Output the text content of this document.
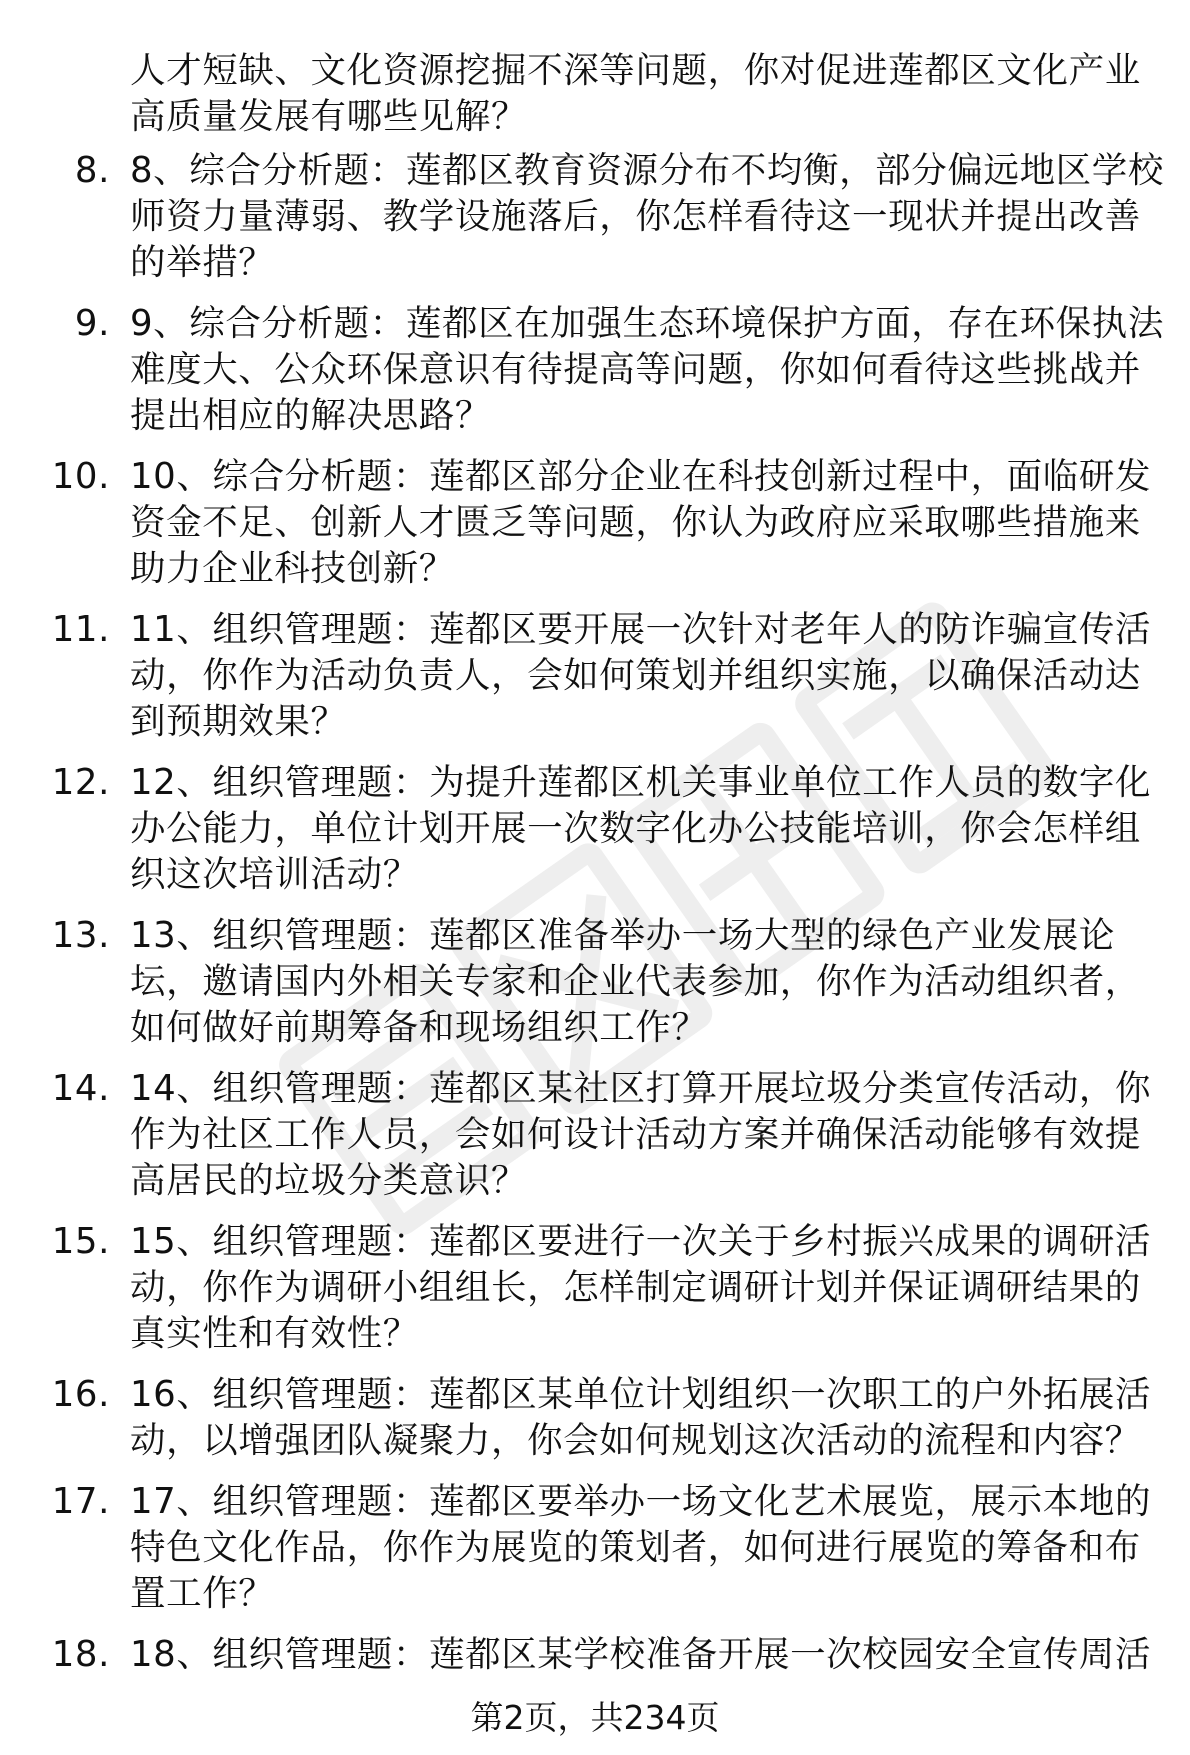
人才短缺、文化资源挖掘不深等问题，你对促进莲都区文化产业高质量发展有哪些见解？

8. 8、综合分析题：莲都区教育资源分布不均衡，部分偏远地区学校师资力量薄弱、教学设施落后，你怎样看待这一现状并提出改善的举措？
9. 9、综合分析题：莲都区在加强生态环境保护方面，存在环保执法难度大、公众环保意识有待提高等问题，你如何看待这些挑战并提出相应的解决思路？
10. 10、综合分析题：莲都区部分企业在科技创新过程中，面临研发资金不足、创新人才匮乏等问题，你认为政府应采取哪些措施来助力企业科技创新？
11. 11、组织管理题：莲都区要开展一次针对老年人的防诈骗宣传活动，你作为活动负责人，会如何策划并组织实施，以确保活动达到预期效果？
12. 12、组织管理题：为提升莲都区机关事业单位工作人员的数字化办公能力，单位计划开展一次数字化办公技能培训，你会怎样组织这次培训活动？
13. 13、组织管理题：莲都区准备举办一场大型的绿色产业发展论坛，邀请国内外相关专家和企业代表参加，你作为活动组织者，如何做好前期筹备和现场组织工作？
14. 14、组织管理题：莲都区某社区打算开展垃圾分类宣传活动，你作为社区工作人员，会如何设计活动方案并确保活动能够有效提高居民的垃圾分类意识？
15. 15、组织管理题：莲都区要进行一次关于乡村振兴成果的调研活动，你作为调研小组组长，怎样制定调研计划并保证调研结果的真实性和有效性？
16. 16、组织管理题：莲都区某单位计划组织一次职工的户外拓展活动，以增强团队凝聚力，你会如何规划这次活动的流程和内容？
17. 17、组织管理题：莲都区要举办一场文化艺术展览，展示本地的特色文化作品，你作为展览的策划者，如何进行展览的筹备和布置工作？
18. 18、组织管理题：莲都区某学校准备开展一次校园安全宣传周活
第2页，共234页
